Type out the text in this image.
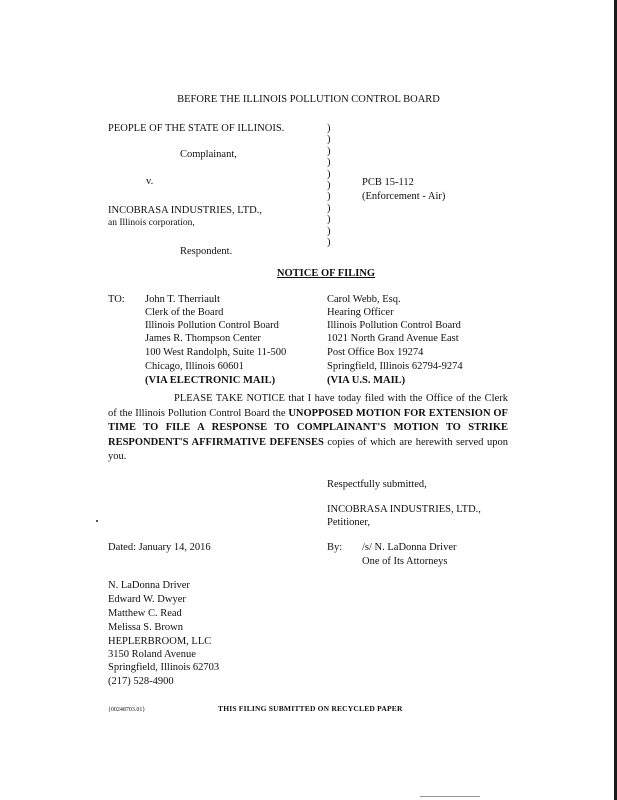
BEFORE THE ILLINOIS POLLUTION CONTROL BOARD
PEOPLE OF THE STATE OF ILLINOIS.
Complainant,
v.
INCOBRASA INDUSTRIES, LTD.,
an Illinois corporation,
Respondent.
)
)
)
)
)
)
)
)
)
)
)
PCB 15-112
(Enforcement - Air)
NOTICE OF FILING
TO: John T. Therriault
Clerk of the Board
Illinois Pollution Control Board
James R. Thompson Center
100 West Randolph, Suite 11-500
Chicago, Illinois 60601
(VIA ELECTRONIC MAIL)
Carol Webb, Esq.
Hearing Officer
Illinois Pollution Control Board
1021 North Grand Avenue East
Post Office Box 19274
Springfield, Illinois 62794-9274
(VIA U.S. MAIL)
PLEASE TAKE NOTICE that I have today filed with the Office of the Clerk of the Illinois Pollution Control Board the UNOPPOSED MOTION FOR EXTENSION OF TIME TO FILE A RESPONSE TO COMPLAINANT'S MOTION TO STRIKE RESPONDENT'S AFFIRMATIVE DEFENSES copies of which are herewith served upon you.
Respectfully submitted,
INCOBRASA INDUSTRIES, LTD.,
Petitioner,
Dated: January 14, 2016	By: /s/ N. LaDonna Driver
One of Its Attorneys
N. LaDonna Driver
Edward W. Dwyer
Matthew C. Read
Melissa S. Brown
HEPLERBROOM, LLC
3150 Roland Avenue
Springfield, Illinois 62703
(217) 528-4900
{00248703.01}	THIS FILING SUBMITTED ON RECYCLED PAPER
